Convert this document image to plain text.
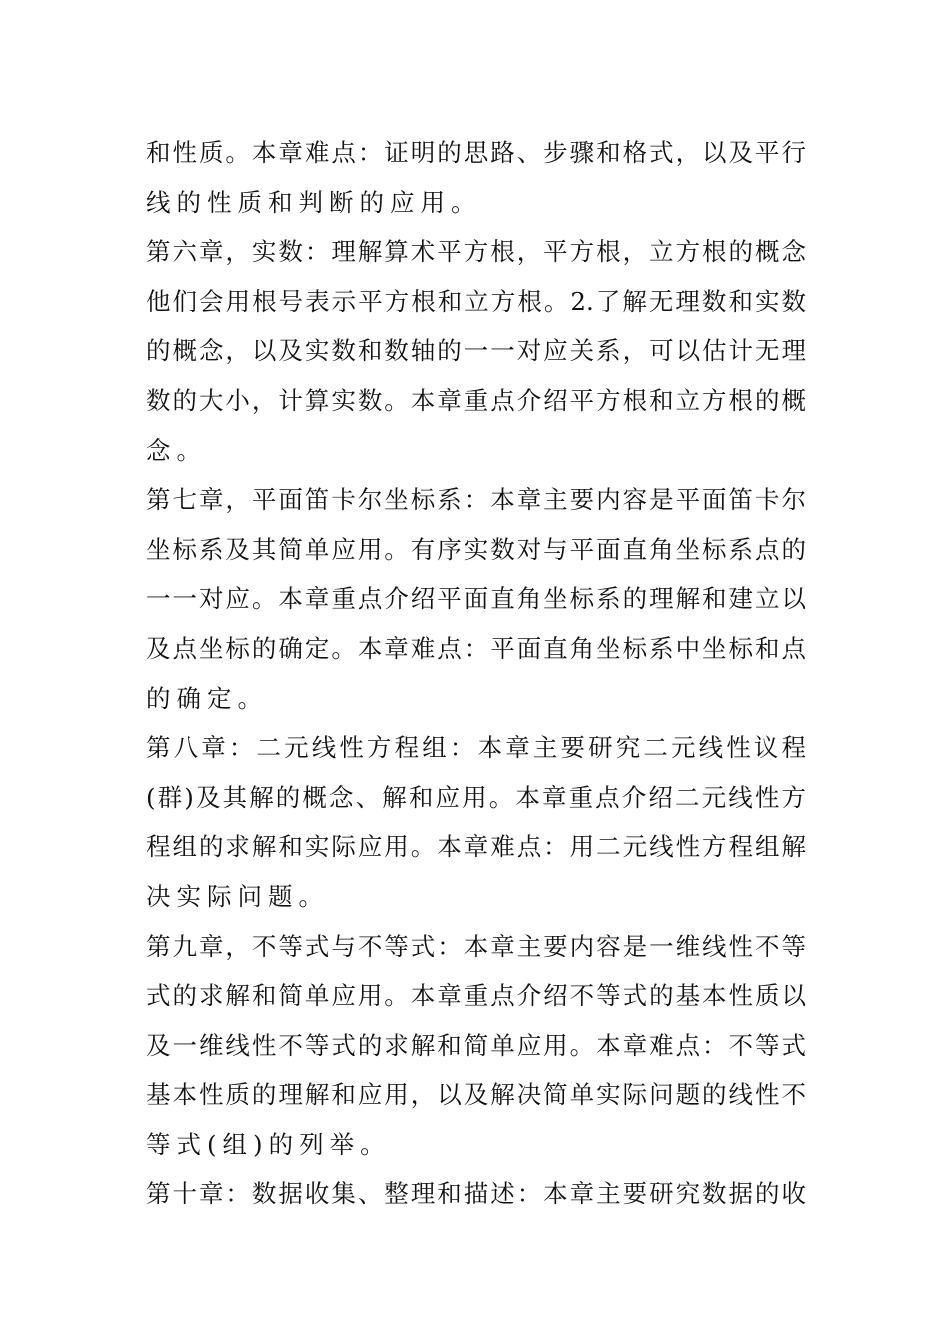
和性质。本章难点：证明的思路、步骤和格式，以及平行
线的性质和判断的应用。
第六章，实数：理解算术平方根，平方根，立方根的概念
他们会用根号表示平方根和立方根。2.了解无理数和实数
的概念，以及实数和数轴的一一对应关系，可以估计无理
数的大小，计算实数。本章重点介绍平方根和立方根的概
念。
第七章，平面笛卡尔坐标系：本章主要内容是平面笛卡尔
坐标系及其简单应用。有序实数对与平面直角坐标系点的
一一对应。本章重点介绍平面直角坐标系的理解和建立以
及点坐标的确定。本章难点：平面直角坐标系中坐标和点
的确定。
第八章：二元线性方程组：本章主要研究二元线性议程
(群)及其解的概念、解和应用。本章重点介绍二元线性方
程组的求解和实际应用。本章难点：用二元线性方程组解
决实际问题。
第九章，不等式与不等式：本章主要内容是一维线性不等
式的求解和简单应用。本章重点介绍不等式的基本性质以
及一维线性不等式的求解和简单应用。本章难点：不等式
基本性质的理解和应用，以及解决简单实际问题的线性不
等式(组)的列举。
第十章：数据收集、整理和描述：本章主要研究数据的收
